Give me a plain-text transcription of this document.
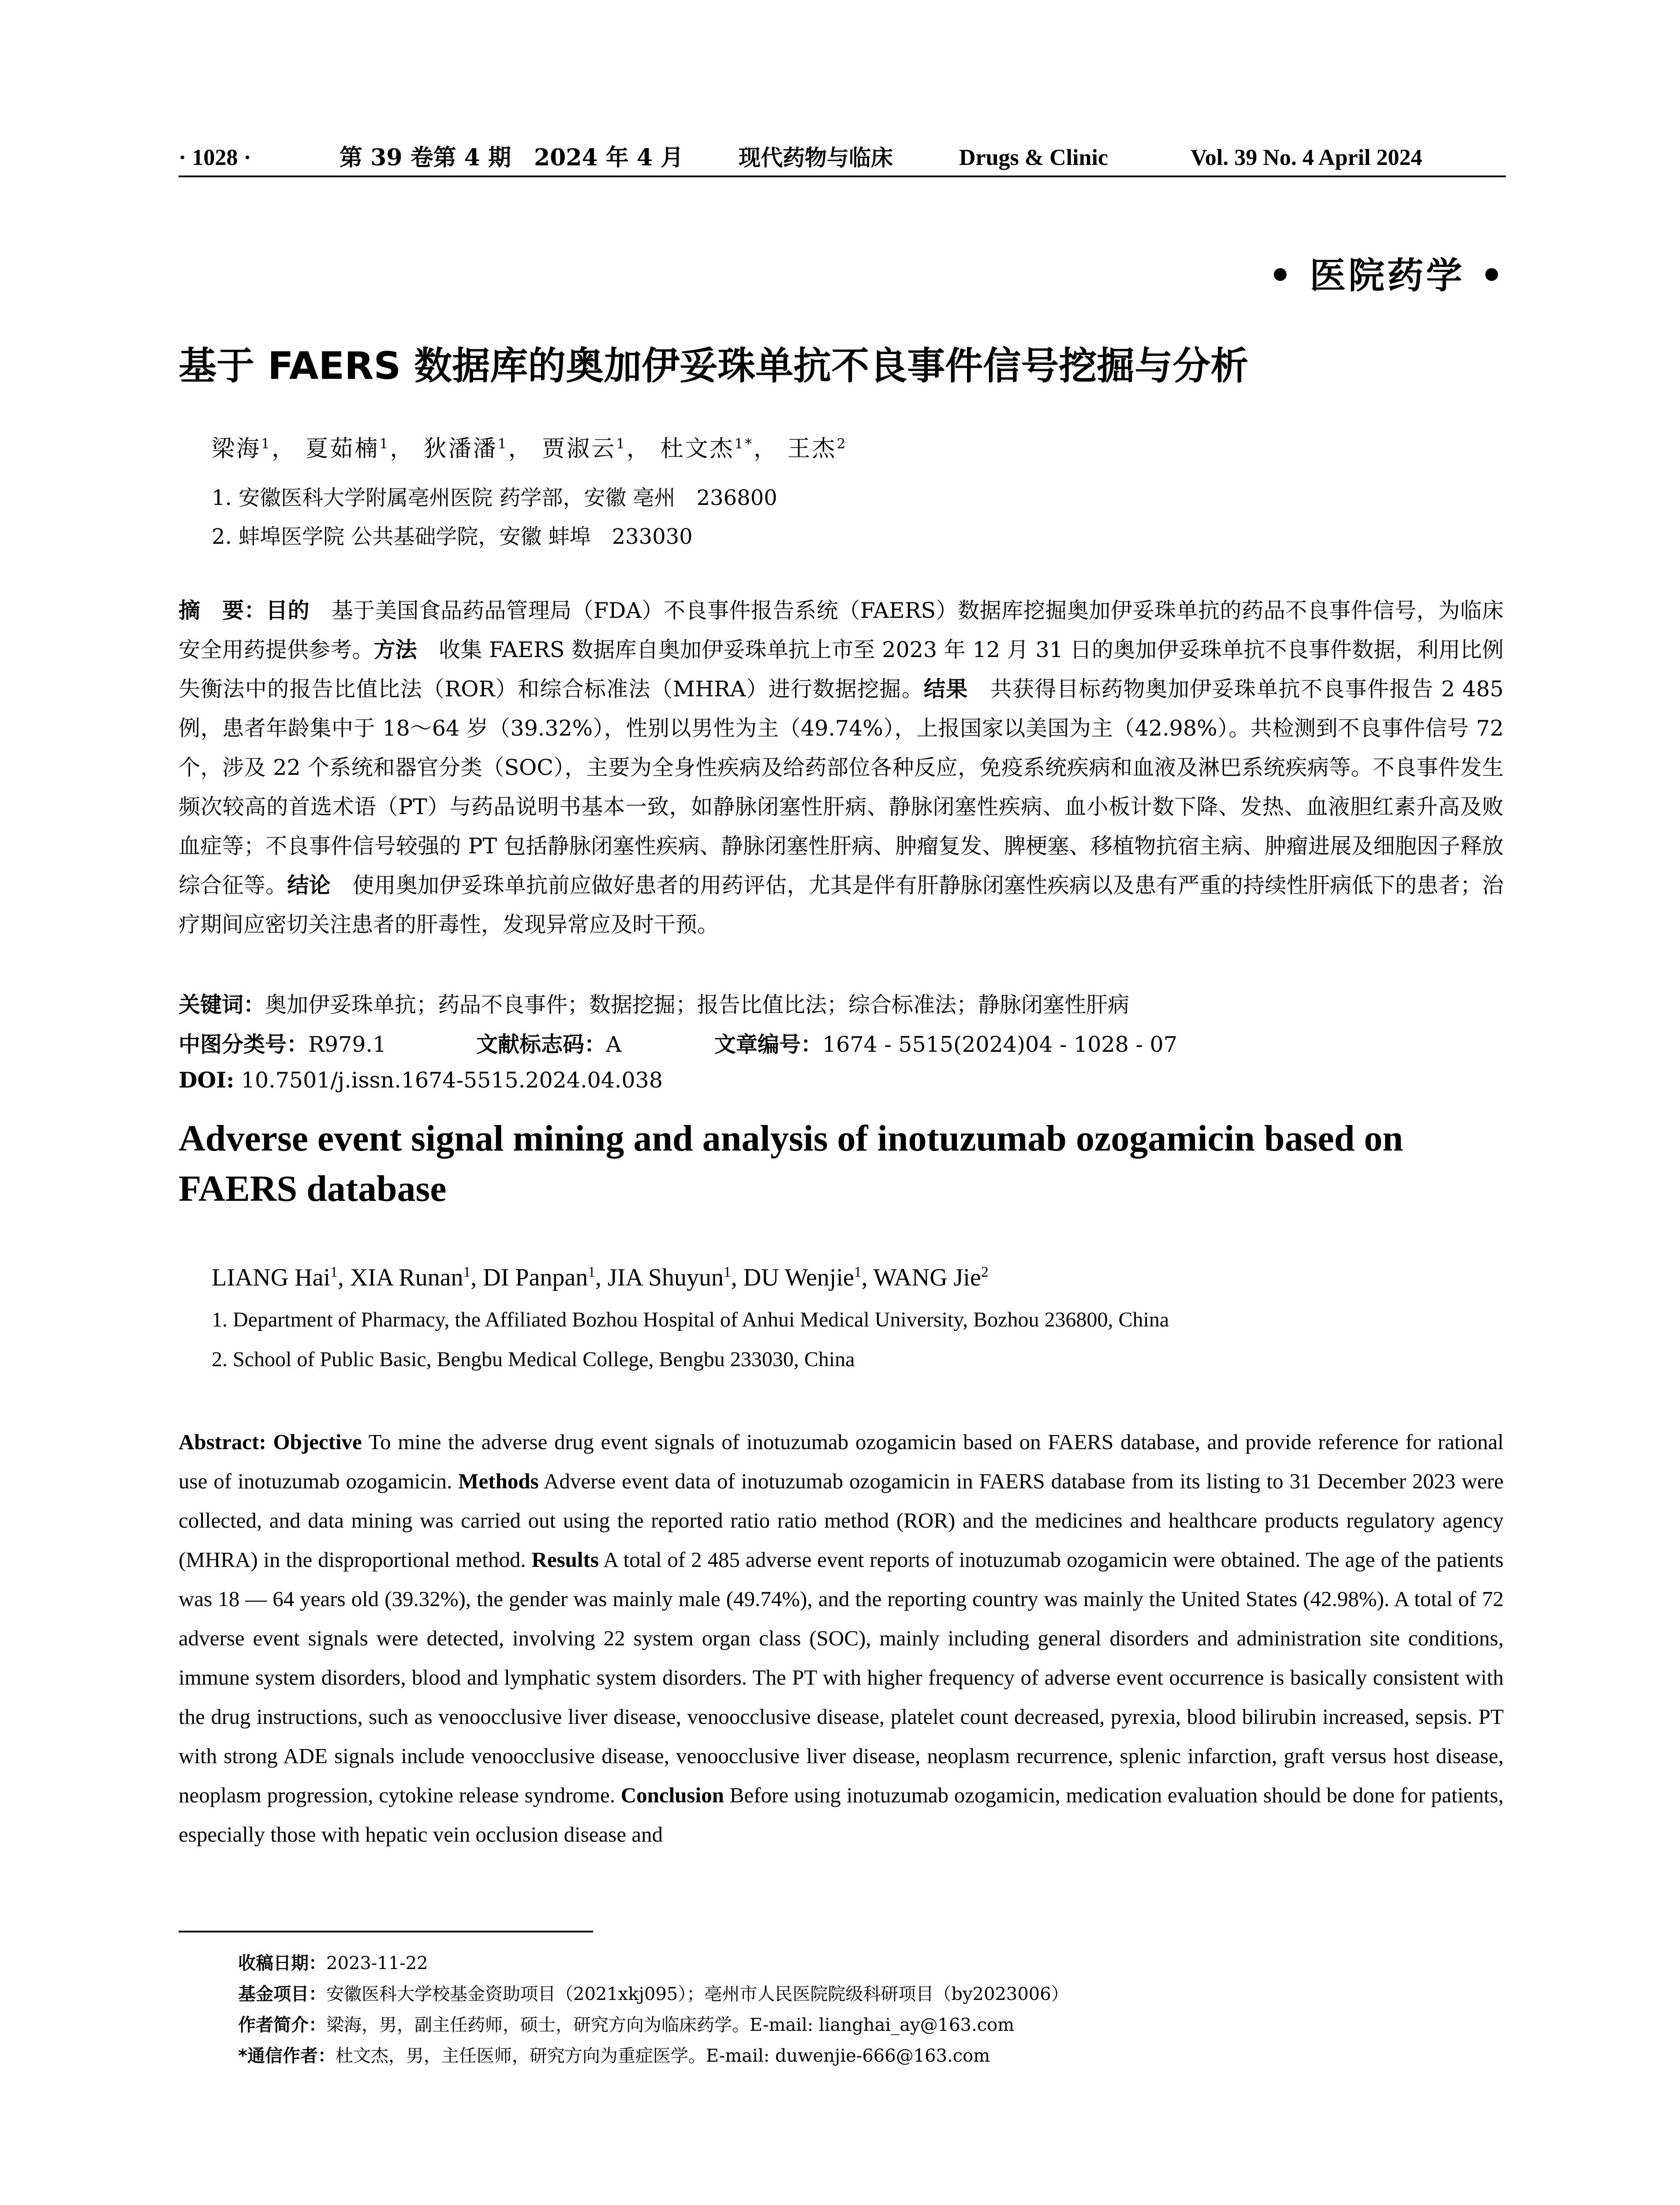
· 1028 ·	第 39 卷第 4 期　2024 年 4 月 现代药物与临床	Drugs & Clinic	Vol. 39 No. 4 April 2024
• 医院药学 •
基于 FAERS 数据库的奥加伊妥珠单抗不良事件信号挖掘与分析
梁海$^1$， 夏茹楠$^1$， 狄潘潘$^1$， 贾淑云$^1$， 杜文杰$^{1*}$， 王杰$^2$
1. 安徽医科大学附属亳州医院 药学部，安徽 亳州　236800
2. 蚌埠医学院 公共基础学院，安徽 蚌埠　233030
摘　要：目的　基于美国食品药品管理局（FDA）不良事件报告系统（FAERS）数据库挖掘奥加伊妥珠单抗的药品不良事件信号，为临床安全用药提供参考。方法　收集 FAERS 数据库自奥加伊妥珠单抗上市至 2023 年 12 月 31 日的奥加伊妥珠单抗不良事件数据，利用比例失衡法中的报告比值比法（ROR）和综合标准法（MHRA）进行数据挖掘。结果　共获得目标药物奥加伊妥珠单抗不良事件报告 2 485 例，患者年龄集中于 18～64 岁（39.32%），性别以男性为主（49.74%），上报国家以美国为主（42.98%）。共检测到不良事件信号 72 个，涉及 22 个系统和器官分类（SOC），主要为全身性疾病及给药部位各种反应，免疫系统疾病和血液及淋巴系统疾病等。不良事件发生频次较高的首选术语（PT）与药品说明书基本一致，如静脉闭塞性肝病、静脉闭塞性疾病、血小板计数下降、发热、血液胆红素升高及败血症等；不良事件信号较强的 PT 包括静脉闭塞性疾病、静脉闭塞性肝病、肿瘤复发、脾梗塞、移植物抗宿主病、肿瘤进展及细胞因子释放综合征等。结论　使用奥加伊妥珠单抗前应做好患者的用药评估，尤其是伴有肝静脉闭塞性疾病以及患有严重的持续性肝病低下的患者；治疗期间应密切关注患者的肝毒性，发现异常应及时干预。
关键词：奥加伊妥珠单抗；药品不良事件；数据挖掘；报告比值比法；综合标准法；静脉闭塞性肝病
中图分类号：R979.1	文献标志码：A	文章编号：1674 - 5515(2024)04 - 1028 - 07
DOI: 10.7501/j.issn.1674-5515.2024.04.038
Adverse event signal mining and analysis of inotuzumab ozogamicin based on FAERS database
LIANG Hai$^1$, XIA Runan$^1$, DI Panpan$^1$, JIA Shuyun$^1$, DU Wenjie$^1$, WANG Jie$^2$
1. Department of Pharmacy, the Affiliated Bozhou Hospital of Anhui Medical University, Bozhou 236800, China
2. School of Public Basic, Bengbu Medical College, Bengbu 233030, China
Abstract: Objective To mine the adverse drug event signals of inotuzumab ozogamicin based on FAERS database, and provide reference for rational use of inotuzumab ozogamicin. Methods Adverse event data of inotuzumab ozogamicin in FAERS database from its listing to 31 December 2023 were collected, and data mining was carried out using the reported ratio ratio method (ROR) and the medicines and healthcare products regulatory agency (MHRA) in the disproportional method. Results A total of 2 485 adverse event reports of inotuzumab ozogamicin were obtained. The age of the patients was 18 — 64 years old (39.32%), the gender was mainly male (49.74%), and the reporting country was mainly the United States (42.98%). A total of 72 adverse event signals were detected, involving 22 system organ class (SOC), mainly including general disorders and administration site conditions, immune system disorders, blood and lymphatic system disorders. The PT with higher frequency of adverse event occurrence is basically consistent with the drug instructions, such as venoocclusive liver disease, venoocclusive disease, platelet count decreased, pyrexia, blood bilirubin increased, sepsis. PT with strong ADE signals include venoocclusive disease, venoocclusive liver disease, neoplasm recurrence, splenic infarction, graft versus host disease, neoplasm progression, cytokine release syndrome. Conclusion Before using inotuzumab ozogamicin, medication evaluation should be done for patients, especially those with hepatic vein occlusion disease and
收稿日期：2023-11-22
基金项目：安徽医科大学校基金资助项目（2021xkj095）；亳州市人民医院院级科研项目（by2023006）
作者简介：梁海，男，副主任药师，硕士，研究方向为临床药学。E-mail: lianghai_ay@163.com
*通信作者：杜文杰，男，主任医师，研究方向为重症医学。E-mail: duwenjie-666@163.com
